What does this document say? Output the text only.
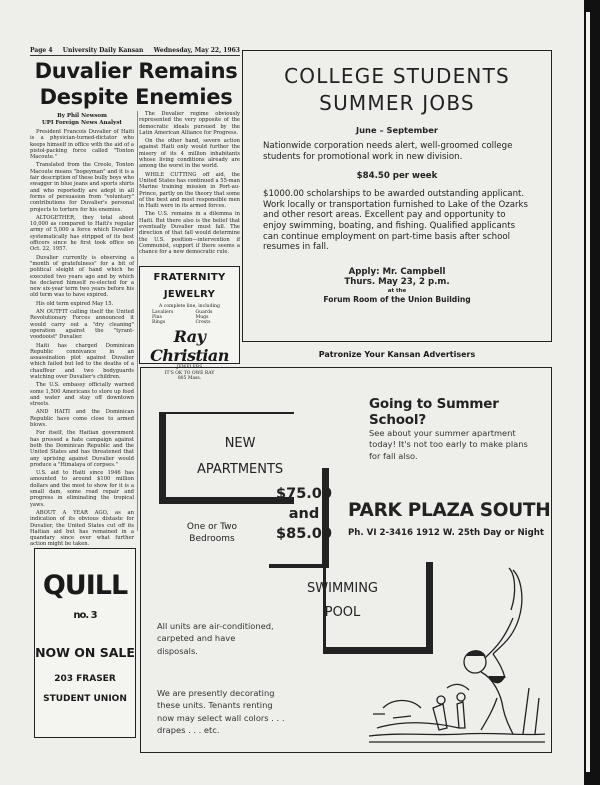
Page 4 University Daily Kansan Wednesday, May 22, 1963
Duvalier Remains
Despite Enemies
By Phil Newsom
UPI Foreign News Analyst

President Francois Duvalier of Haiti is a physician-turned-dictator who keeps himself in office with the aid of a pistol-packing force called "Tonton Macoute."

Translated from the Creole, Tonton Macoute means "bogeyman" and it is a fair description of these bully boys who swagger in blue jeans and sports shirts and who reportedly are adept in all forms of persuasion from "voluntary" contributions for Duvalier's personal projects to torture for his enemies.

ALTOGETHER, they total about 10,000 as compared to Haiti's regular army of 5,000 a force which Duvalier systematically has stripped of its best officers since he first took office on Oct. 22, 1957.

Duvalier currently is observing a "month of gratefulness" for a bit of political sleight of hand which he executed two years ago and by which he declared himself re-elected for a new six-year term two years before his old term was to have expired.

His old term expired May 15.

AN OUTFIT calling itself the United Revolutionary Forces announced it would carry out a "dry cleaning" operation against the "tyrant-voodooist" Duvalier.

Haiti has charged Dominican Republic connivance in an assassination plot against Duvalier which failed but led to the deaths of a chauffeur and two bodyguards watching over Duvalier's children.

The U.S. embassy officially warned some 1,500 Americans to store up food and water and stay off downtown streets.

AND HAITI and the Dominican Republic have come close to armed blows.

For itself, the Haitian government has pressed a hate campaign against both the Dominican Republic and the United States and has threatened that any uprising against Duvalier would produce a "Himalaya of corpses."

U.S. aid to Haiti since 1946 has amounted to around $100 million dollars and the most to show for it is a small dam, some road repair and progress in eliminating the tropical yaws.

ABOUT A YEAR AGO, as an indication of its obvious distaste for Duvalier, the United States cut off its Haitian aid but has remained in a quandary since over what further action might be taken.

The Duvalier regime obviously represented the very opposite of the democratic ideals pursued by the Latin American Alliance for Progress.

On the other hand, severe action against Haiti only would further the misery of its 4 million inhabitants whose living conditions already are among the worst in the world.

WHILE CUTTING off aid, the United States has continued a 55-man Marine training mission in Port-au-Prince, partly on the theory that some of the best and most responsible men in Haiti were in its armed forces.

The U.S. remains in a dilemma in Haiti. But there also is the belief that eventually Duvalier must fall. The direction of that fall would determine the U.S. position—intervention if Communist, support if there seems a chance for a new democratic rule.

FRATERNITY
JEWELRY
A complete line, including
Lavaliers	Guards
Pins	Mugs
Rings	Crests
Ray Christian
JEWELERS
IT'S OK TO OWE RAY
805 Mass.
QUILL $^{no. 3}$
NOW ON SALE
203 FRASER
STUDENT UNION
COLLEGE STUDENTS
SUMMER JOBS
June – September
Nationwide corporation needs alert, well-groomed college students for promotional work in new division.
$84.50 per week
$1000.00 scholarships to be awarded outstanding applicant. Work locally or transportation furnished to Lake of the Ozarks and other resort areas. Excellent pay and opportunity to enjoy swimming, boating, and fishing. Qualified applicants can continue employment on part-time basis after school resumes in fall.
Apply: Mr. Campbell
Thurs. May 23, 2 p.m.
at the
Forum Room of the Union Building
Patronize Your Kansan Advertisers
Going to Summer School?
See about your summer apartment today! It's not too early to make plans for fall also.
NEW
APARTMENTS
$75.00
and
$85.00
One or Two
Bedrooms
PARK PLAZA SOUTH
Ph. VI 2-3416 1912 W. 25th Day or Night
SWIMMING
POOL
All units are air-conditioned, carpeted and have disposals.
We are presently decorating these units. Tenants renting now may select wall colors . . . drapes . . . etc.
